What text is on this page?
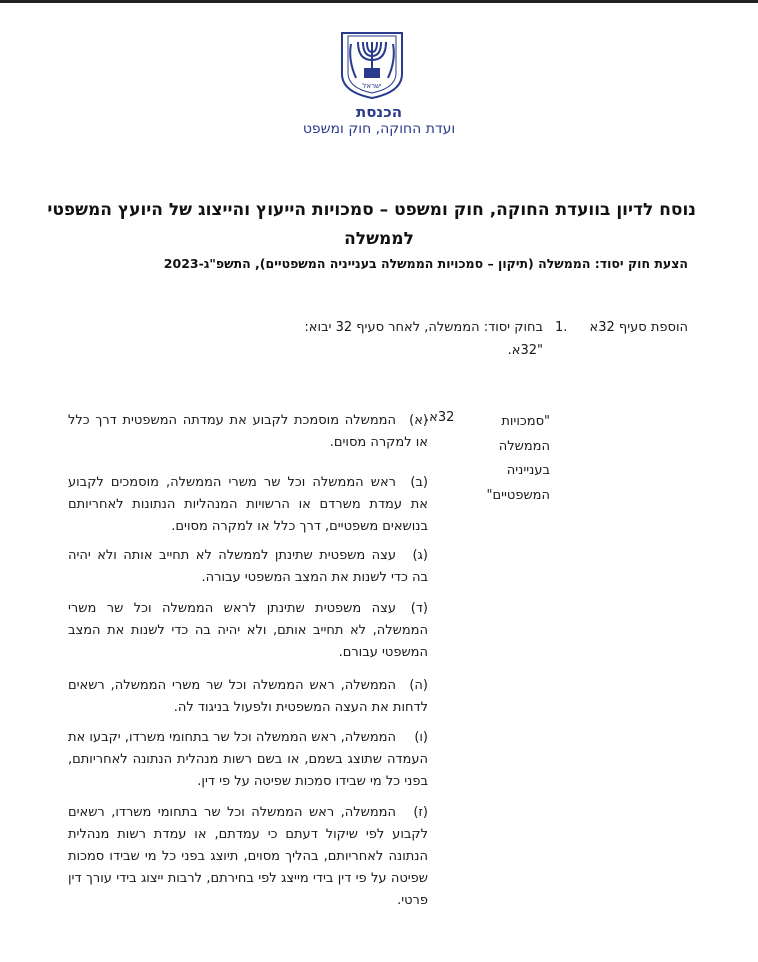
ישראל
הכנסת
ועדת החוקה, חוק ומשפט
נוסח לדיון בוועדת החוקה, חוק ומשפט – סמכויות הייעוץ והייצוג של היועץ המשפטי
לממשלה
הצעת חוק יסוד: הממשלה (תיקון – סמכויות הממשלה בענייניה המשפטיים), התשפ"ג-2023
הוספת סעיף 32א
1.
בחוק יסוד: הממשלה, לאחר סעיף 32 יבוא:
"32א.
"סמכויות הממשלה בענייניה המשפטיים"
32א.
(א)הממשלה מוסמכת לקבוע את עמדתה המשפטית דרך כלל או למקרה מסוים.
(ב)ראש הממשלה וכל שר משרי הממשלה, מוסמכים לקבוע את עמדת משרדם או הרשויות המנהליות הנתונות לאחריותם בנושאים משפטיים, דרך כלל או למקרה מסוים.
(ג)עצה משפטית שתינתן לממשלה לא תחייב אותה ולא יהיה בה כדי לשנות את המצב המשפטי עבורה.
(ד)עצה משפטית שתינתן לראש הממשלה וכל שר משרי הממשלה, לא תחייב אותם, ולא יהיה בה כדי לשנות את המצב המשפטי עבורם.
(ה)הממשלה, ראש הממשלה וכל שר משרי הממשלה, רשאים לדחות את העצה המשפטית ולפעול בניגוד לה.
(ו)הממשלה, ראש הממשלה וכל שר בתחומי משרדו, יקבעו את העמדה שתוצג בשמם, או בשם רשות מנהלית הנתונה לאחריותם, בפני כל מי שבידו סמכות שפיטה על פי דין.
(ז)הממשלה, ראש הממשלה וכל שר בתחומי משרדו, רשאים לקבוע לפי שיקול דעתם כי עמדתם, או עמדת רשות מנהלית הנתונה לאחריותם, בהליך מסוים, תיוצג בפני כל מי שבידו סמכות שפיטה על פי דין בידי מייצג לפי בחירתם, לרבות ייצוג בידי עורך דין פרטי.
